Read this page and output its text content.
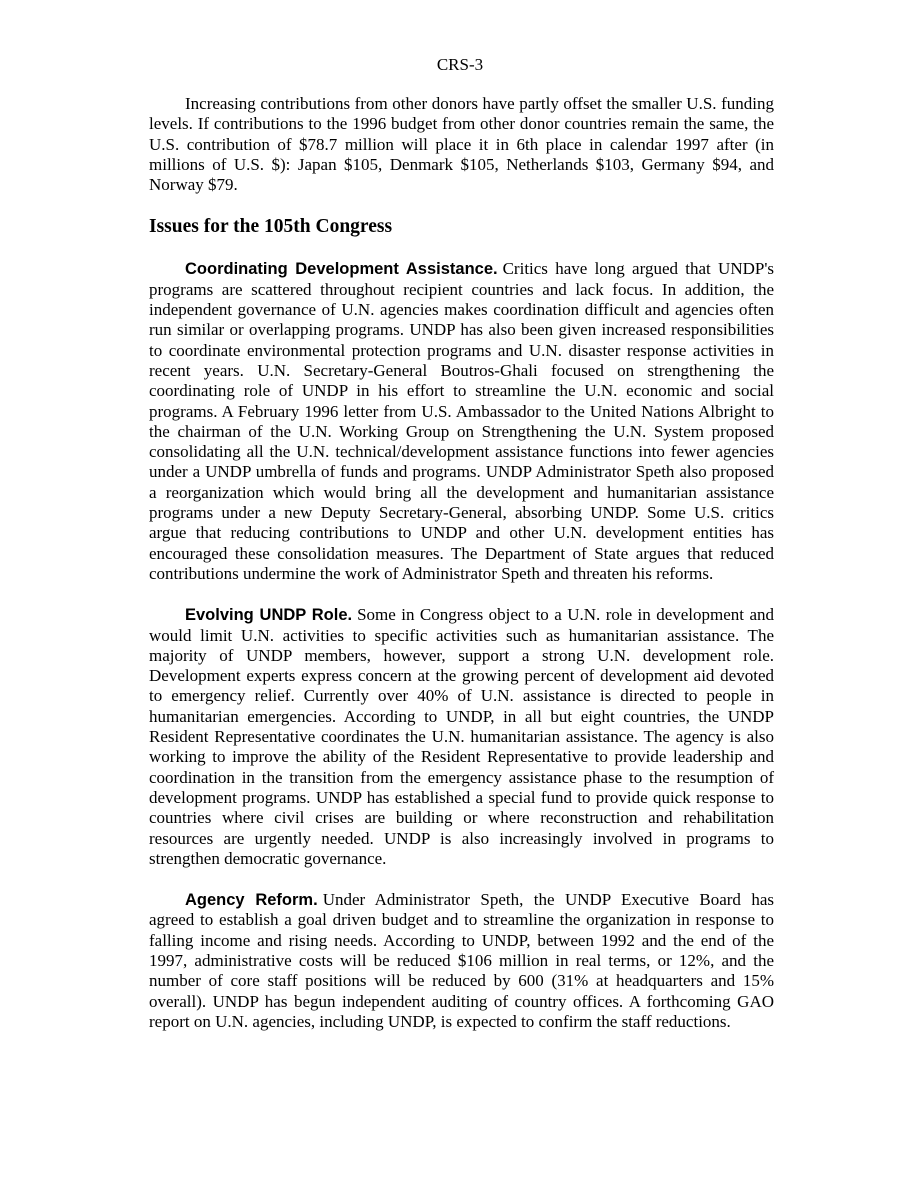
CRS-3

Increasing contributions from other donors have partly offset the smaller U.S. funding levels. If contributions to the 1996 budget from other donor countries remain the same, the U.S. contribution of $78.7 million will place it in 6th place in calendar 1997 after (in millions of U.S. $): Japan $105, Denmark $105, Netherlands $103, Germany $94, and Norway $79.

Issues for the 105th Congress

Coordinating Development Assistance. Critics have long argued that UNDP's programs are scattered throughout recipient countries and lack focus. In addition, the independent governance of U.N. agencies makes coordination difficult and agencies often run similar or overlapping programs. UNDP has also been given increased responsibilities to coordinate environmental protection programs and U.N. disaster response activities in recent years. U.N. Secretary-General Boutros-Ghali focused on strengthening the coordinating role of UNDP in his effort to streamline the U.N. economic and social programs. A February 1996 letter from U.S. Ambassador to the United Nations Albright to the chairman of the U.N. Working Group on Strengthening the U.N. System proposed consolidating all the U.N. technical/development assistance functions into fewer agencies under a UNDP umbrella of funds and programs. UNDP Administrator Speth also proposed a reorganization which would bring all the development and humanitarian assistance programs under a new Deputy Secretary-General, absorbing UNDP. Some U.S. critics argue that reducing contributions to UNDP and other U.N. development entities has encouraged these consolidation measures. The Department of State argues that reduced contributions undermine the work of Administrator Speth and threaten his reforms.

Evolving UNDP Role. Some in Congress object to a U.N. role in development and would limit U.N. activities to specific activities such as humanitarian assistance. The majority of UNDP members, however, support a strong U.N. development role. Development experts express concern at the growing percent of development aid devoted to emergency relief. Currently over 40% of U.N. assistance is directed to people in humanitarian emergencies. According to UNDP, in all but eight countries, the UNDP Resident Representative coordinates the U.N. humanitarian assistance. The agency is also working to improve the ability of the Resident Representative to provide leadership and coordination in the transition from the emergency assistance phase to the resumption of development programs. UNDP has established a special fund to provide quick response to countries where civil crises are building or where reconstruction and rehabilitation resources are urgently needed. UNDP is also increasingly involved in programs to strengthen democratic governance.

Agency Reform. Under Administrator Speth, the UNDP Executive Board has agreed to establish a goal driven budget and to streamline the organization in response to falling income and rising needs. According to UNDP, between 1992 and the end of the 1997, administrative costs will be reduced $106 million in real terms, or 12%, and the number of core staff positions will be reduced by 600 (31% at headquarters and 15% overall). UNDP has begun independent auditing of country offices. A forthcoming GAO report on U.N. agencies, including UNDP, is expected to confirm the staff reductions.
